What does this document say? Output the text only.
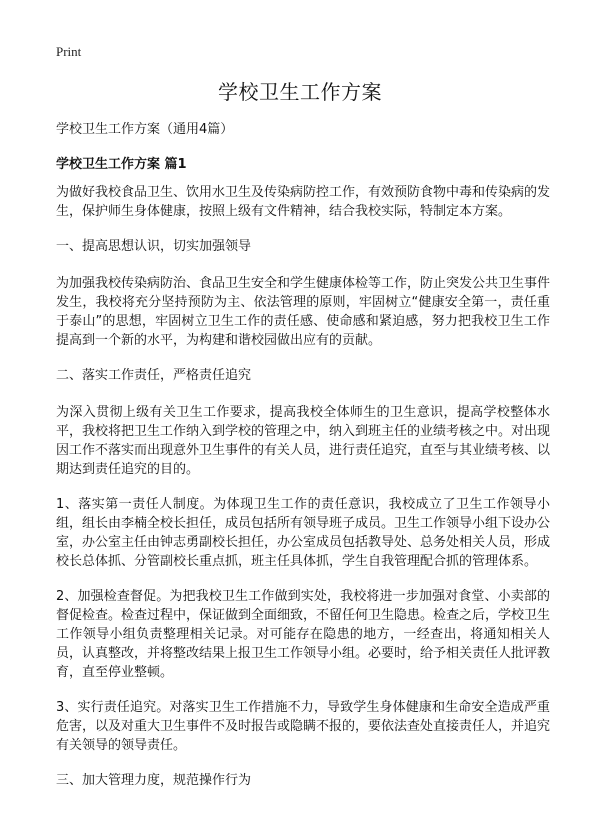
Print
学校卫生工作方案

学校卫生工作方案（通用4篇）

学校卫生工作方案 篇1

为做好我校食品卫生、饮用水卫生及传染病防控工作，有效预防食物中毒和传染病的发生，保护师生身体健康，按照上级有文件精神，结合我校实际，特制定本方案。

一、提高思想认识，切实加强领导

为加强我校传染病防治、食品卫生安全和学生健康体检等工作，防止突发公共卫生事件发生，我校将充分坚持预防为主、依法管理的原则，牢固树立“健康安全第一，责任重于泰山”的思想，牢固树立卫生工作的责任感、使命感和紧迫感，努力把我校卫生工作提高到一个新的水平，为构建和谐校园做出应有的贡献。

二、落实工作责任，严格责任追究

为深入贯彻上级有关卫生工作要求，提高我校全体师生的卫生意识，提高学校整体水平，我校将把卫生工作纳入到学校的管理之中，纳入到班主任的业绩考核之中。对出现因工作不落实而出现意外卫生事件的有关人员，进行责任追究，直至与其业绩考核、以期达到责任追究的目的。

1、落实第一责任人制度。为体现卫生工作的责任意识，我校成立了卫生工作领导小组，组长由李楠全校长担任，成员包括所有领导班子成员。卫生工作领导小组下设办公室，办公室主任由钟志勇副校长担任，办公室成员包括教导处、总务处相关人员，形成校长总体抓、分管副校长重点抓，班主任具体抓，学生自我管理配合抓的管理体系。

2、加强检查督促。为把我校卫生工作做到实处，我校将进一步加强对食堂、小卖部的督促检查。检查过程中，保证做到全面细致，不留任何卫生隐患。检查之后，学校卫生工作领导小组负责整理相关记录。对可能存在隐患的地方，一经查出，将通知相关人员，认真整改，并将整改结果上报卫生工作领导小组。必要时，给予相关责任人批评教育，直至停业整顿。

3、实行责任追究。对落实卫生工作措施不力，导致学生身体健康和生命安全造成严重危害，以及对重大卫生事件不及时报告或隐瞒不报的，要依法查处直接责任人，并追究有关领导的领导责任。

三、加大管理力度，规范操作行为
